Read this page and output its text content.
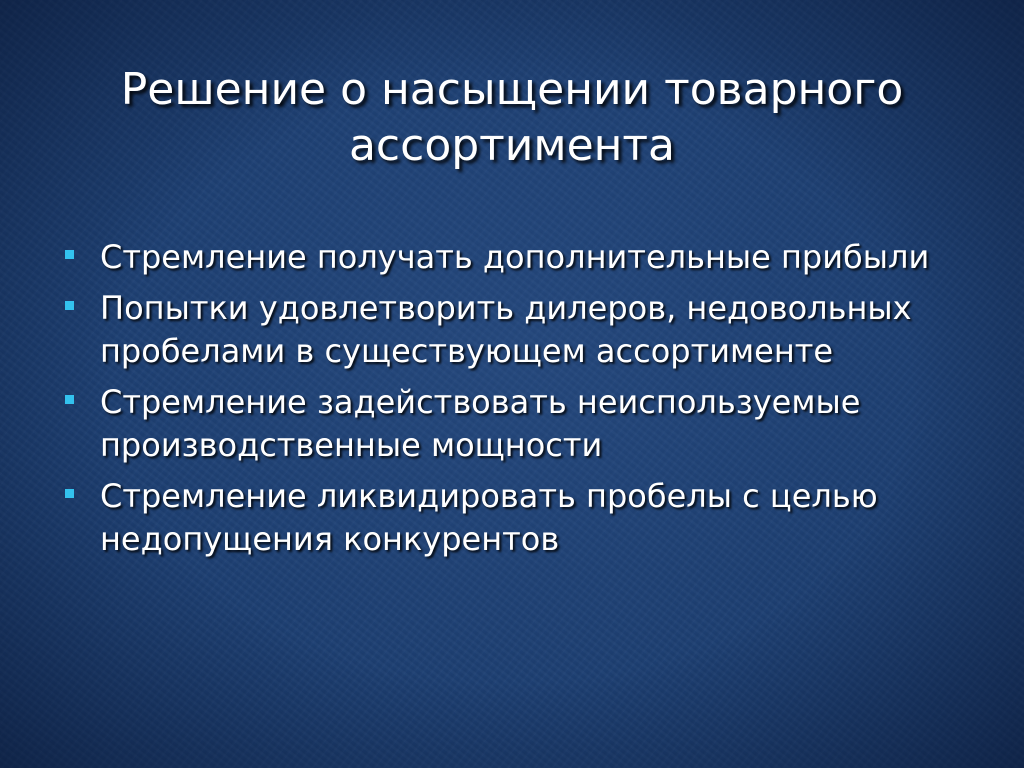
Решение о насыщении товарного ассортимента
Стремление получать дополнительные прибыли
Попытки удовлетворить дилеров, недовольных пробелами в существующем ассортименте
Стремление задействовать неиспользуемые производственные мощности
Стремление ликвидировать пробелы с целью недопущения конкурентов
